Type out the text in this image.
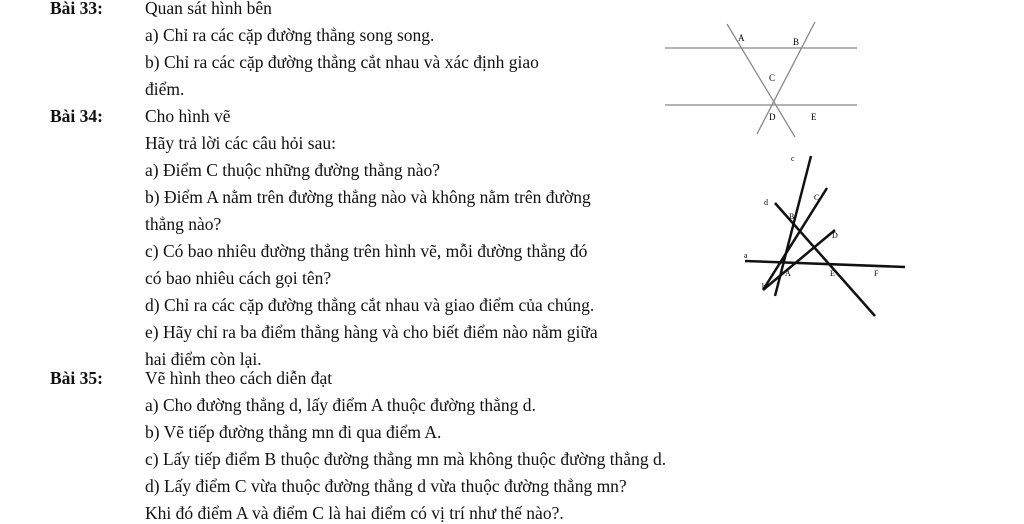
Bài 33: Quan sát hình bên
a) Chỉ ra các cặp đường thẳng song song.
b) Chỉ ra các cặp đường thẳng cắt nhau và xác định giao
điểm.
A	B
C
D	E
Bài 34: Cho hình vẽ
Hãy trả lời các câu hỏi sau:
a) Điểm C thuộc những đường thẳng nào?
b) Điểm A nằm trên đường thẳng nào và không nằm trên đường
thẳng nào?
c) Có bao nhiêu đường thẳng trên hình vẽ, mỗi đường thẳng đó
có bao nhiêu cách gọi tên?
d) Chỉ ra các cặp đường thẳng cắt nhau và giao điểm của chúng.
e) Hãy chỉ ra ba điểm thẳng hàng và cho biết điểm nào nằm giữa
hai điểm còn lại.
c
d
a
b
C
B
D
A	E	F
Bài 35: Vẽ hình theo cách diễn đạt
a) Cho đường thẳng d, lấy điểm A thuộc đường thẳng d.
b) Vẽ tiếp đường thẳng mn đi qua điểm A.
c) Lấy tiếp điểm B thuộc đường thẳng mn mà không thuộc đường thẳng d.
d) Lấy điểm C vừa thuộc đường thẳng d vừa thuộc đường thẳng mn?
Khi đó điểm A và điểm C là hai điểm có vị trí như thế nào?.
